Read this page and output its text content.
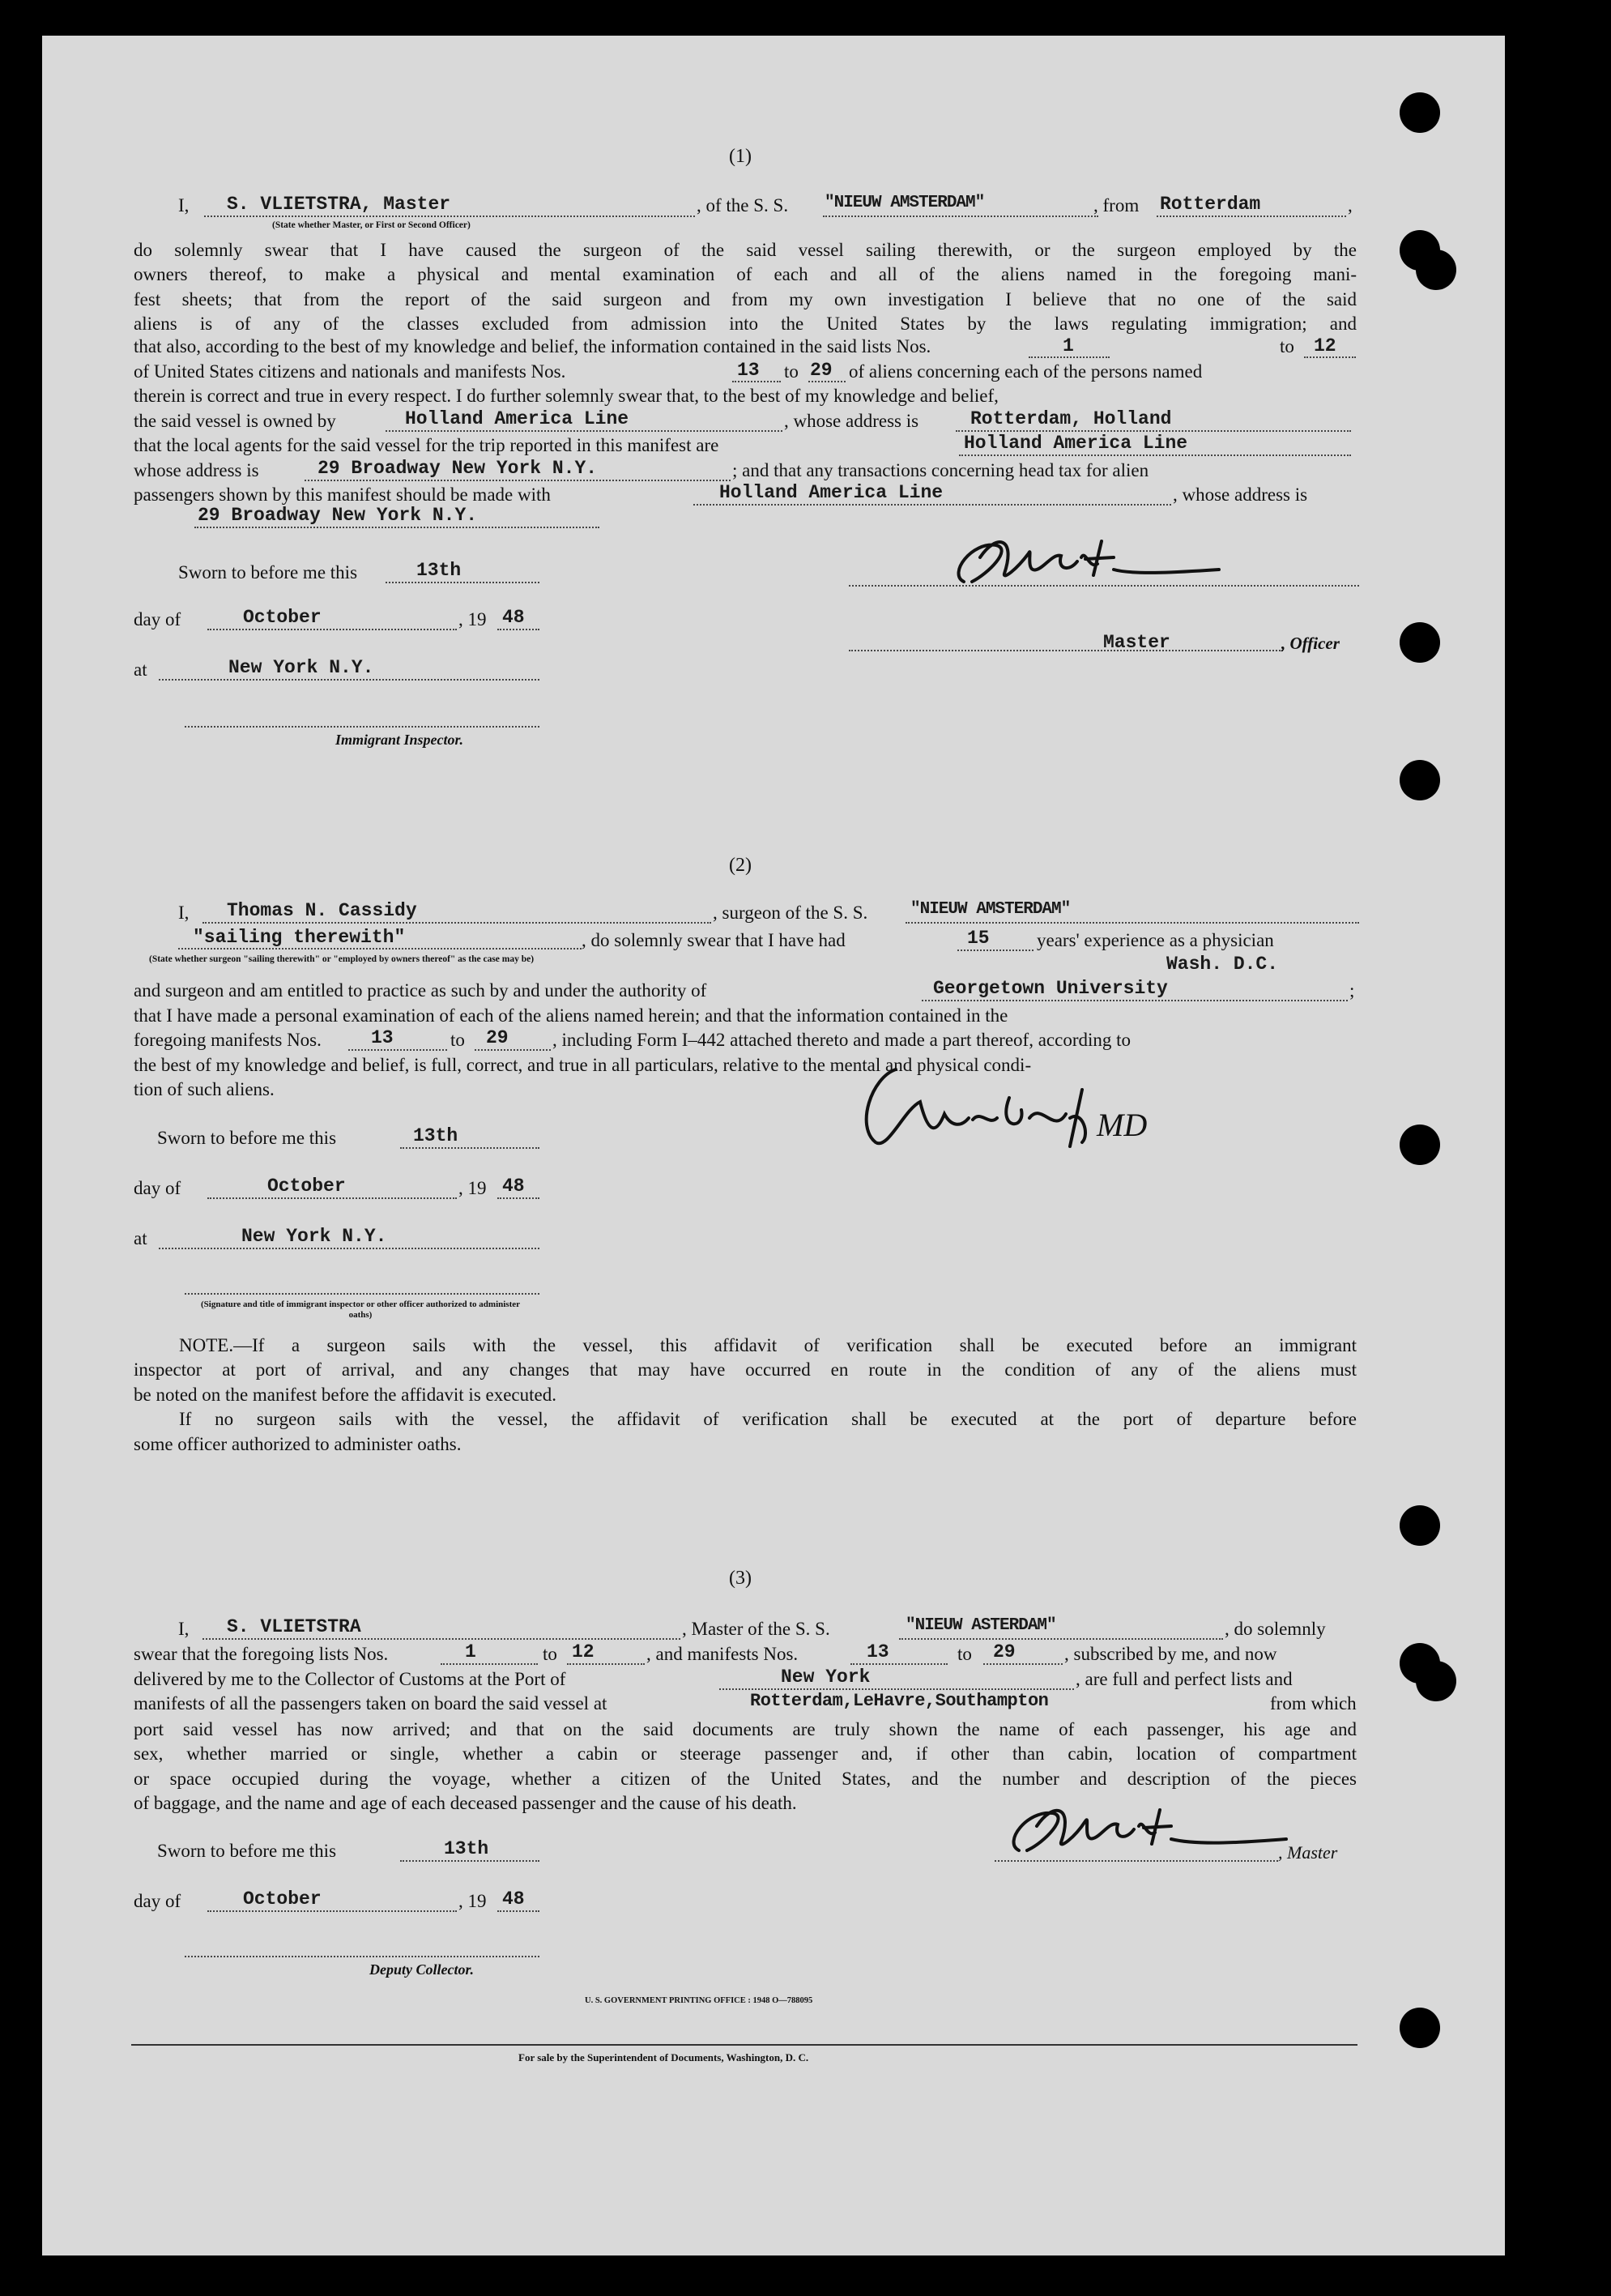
(1)
I, S. VLIETSTRA, Master
(State whether Master, or First or Second Officer)
, of the S. S. "NIEUW AMSTERDAM"	, from Rotterdam	,
do solemnly swear that I have caused the surgeon of the said vessel sailing therewith, or the surgeon employed by the
owners thereof, to make a physical and mental examination of each and all of the aliens named in the foregoing mani-
fest sheets; that from the report of the said surgeon and from my own investigation I believe that no one of the said
aliens is of any of the classes excluded from admission into the United States by the laws regulating immigration; and
that also, according to the best of my knowledge and belief, the information contained in the said lists Nos.	1	to 12
of United States citizens and nationals and manifests Nos.	13 to 29 of aliens concerning each of the persons named
therein is correct and true in every respect. I do further solemnly swear that, to the best of my knowledge and belief,
the said vessel is owned by	Holland America Line	, whose address is	Rotterdam, Holland
that the local agents for the said vessel for the trip reported in this manifest are	Holland America Line
whose address is	29 Broadway New York N.Y.	; and that any transactions concerning head tax for alien
passengers shown by this manifest should be made with	Holland America Line	, whose address is
29 Broadway New York N.Y.
Sworn to before me this	13th
day of	October	, 19 48
at	New York N.Y.
Immigrant Inspector.
Master	, Officer
(2)
I, Thomas N. Cassidy	, surgeon of the S. S.	"NIEUW AMSTERDAM"
"sailing therewith"
(State whether surgeon "sailing therewith" or "employed by owners thereof" as the case may be)
, do solemnly swear that I have had	15	years' experience as a physician
Wash. D.C.
and surgeon and am entitled to practice as such by and under the authority of	Georgetown University	;
that I have made a personal examination of each of the aliens named herein; and that the information contained in the
foregoing manifests Nos.	13	to 29 , including Form I–442 attached thereto and made a part thereof, according to
the best of my knowledge and belief, is full, correct, and true in all particulars, relative to the mental and physical condi-
tion of such aliens.
MD
Sworn to before me this	13th
day of	October	, 19 48
at	New York N.Y.
(Signature and title of immigrant inspector or other officer authorized to administer oaths)
NOTE.—If a surgeon sails with the vessel, this affidavit of verification shall be executed before an immigrant
inspector at port of arrival, and any changes that may have occurred en route in the condition of any of the aliens must
be noted on the manifest before the affidavit is executed.
If no surgeon sails with the vessel, the affidavit of verification shall be executed at the port of departure before
some officer authorized to administer oaths.
(3)
I, S. VLIETSTRA	, Master of the S. S.	"NIEUW ASTERDAM"	, do solemnly
swear that the foregoing lists Nos.	1	to 12	, and manifests Nos.	13	to 29	, subscribed by me, and now
delivered by me to the Collector of Customs at the Port of	New York	, are full and perfect lists and
manifests of all the passengers taken on board the said vessel at	Rotterdam,LeHavre,Southampton	from which
port said vessel has now arrived; and that on the said documents are truly shown the name of each passenger, his age and
sex, whether married or single, whether a cabin or steerage passenger and, if other than cabin, location of compartment
or space occupied during the voyage, whether a citizen of the United States, and the number and description of the pieces
of baggage, and the name and age of each deceased passenger and the cause of his death.
Sworn to before me this	13th	, Master
day of	October	, 19 48
Deputy Collector.
U. S. GOVERNMENT PRINTING OFFICE : 1948 O—788095
For sale by the Superintendent of Documents, Washington, D. C.
